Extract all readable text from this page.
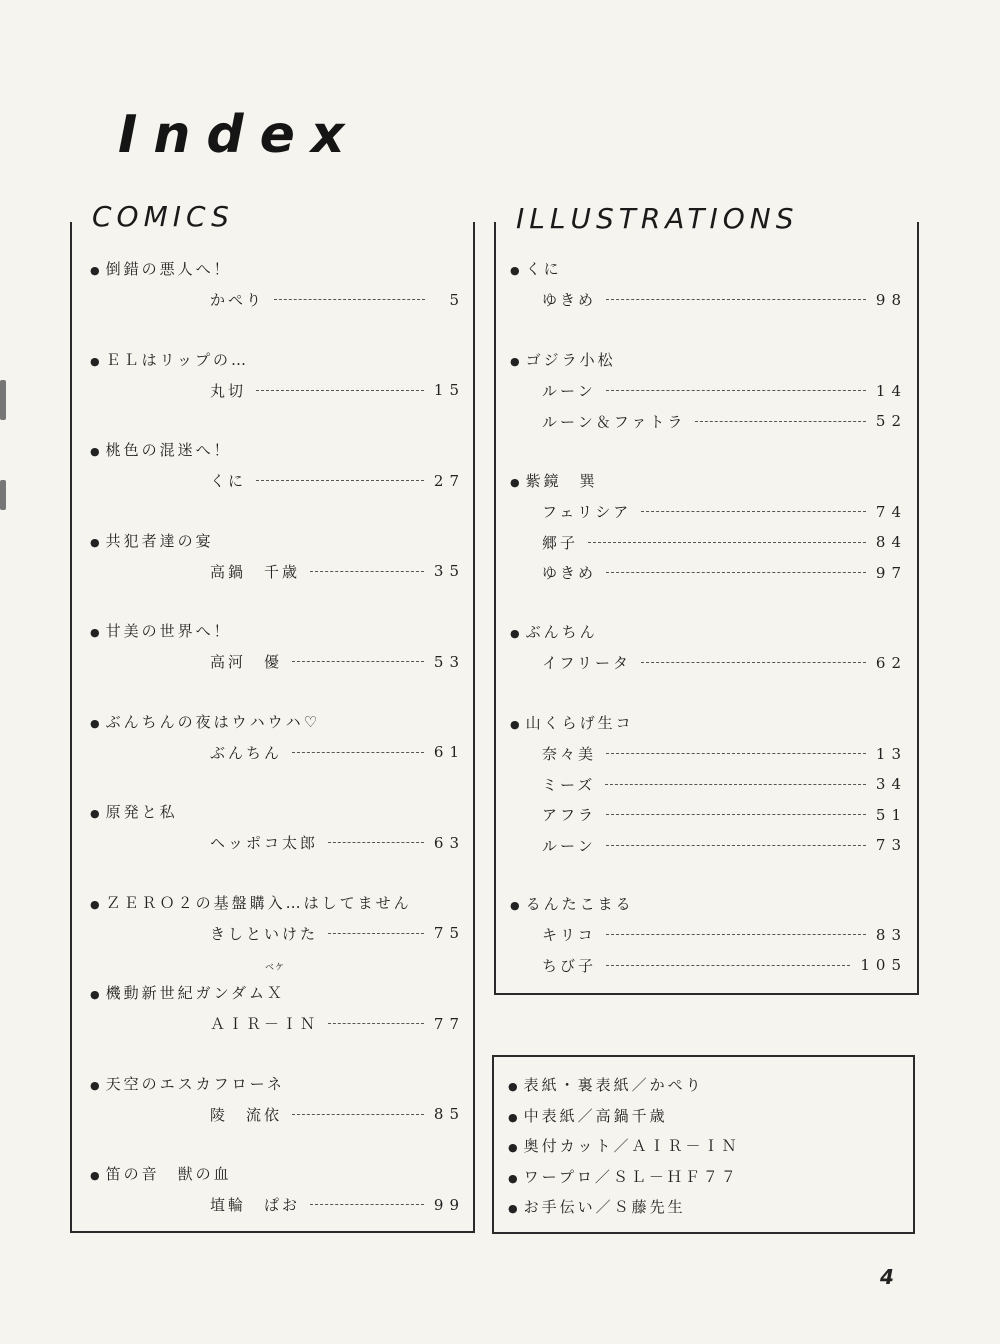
Index
COMICS	ILLUSTRATIONS
● 倒錯の悪人へ！
かぺり	5
● ＥＬはリップの…
丸切	15
● 桃色の混迷へ！
くに	27
● 共犯者達の宴
高鍋　千歳	35
● 甘美の世界へ！
高河　優	53
● ぶんちんの夜はウハウハ♡
ぶんちん	61
● 原発と私
ヘッポコ太郎	63
● ＺＥＲＯ２の基盤購入…はしてません
きしといけた	75
● 機動新世紀ガンダムＸ
ＡＩＲ－ＩＮ	77
● 天空のエスカフローネ
陵　流依	85
● 笛の音　獣の血
埴輪　ぱお	99
ベケ
● くに
ゆきめ	98
● ゴジラ小松
ルーン	14
ルーン＆ファトラ	52
● 紫鏡　巽
フェリシア	74
郷子	84
ゆきめ	97
● ぶんちん
イフリータ	62
● 山くらげ生コ
奈々美	13
ミーズ	34
アフラ	51
ルーン	73
● るんたこまる
キリコ	83
ちび子	105
● 表紙・裏表紙／かぺり
● 中表紙／高鍋千歳
● 奥付カット／ＡＩＲ－ＩＮ
● ワープロ／ＳＬ－ＨＦ７７
● お手伝い／Ｓ藤先生
4
